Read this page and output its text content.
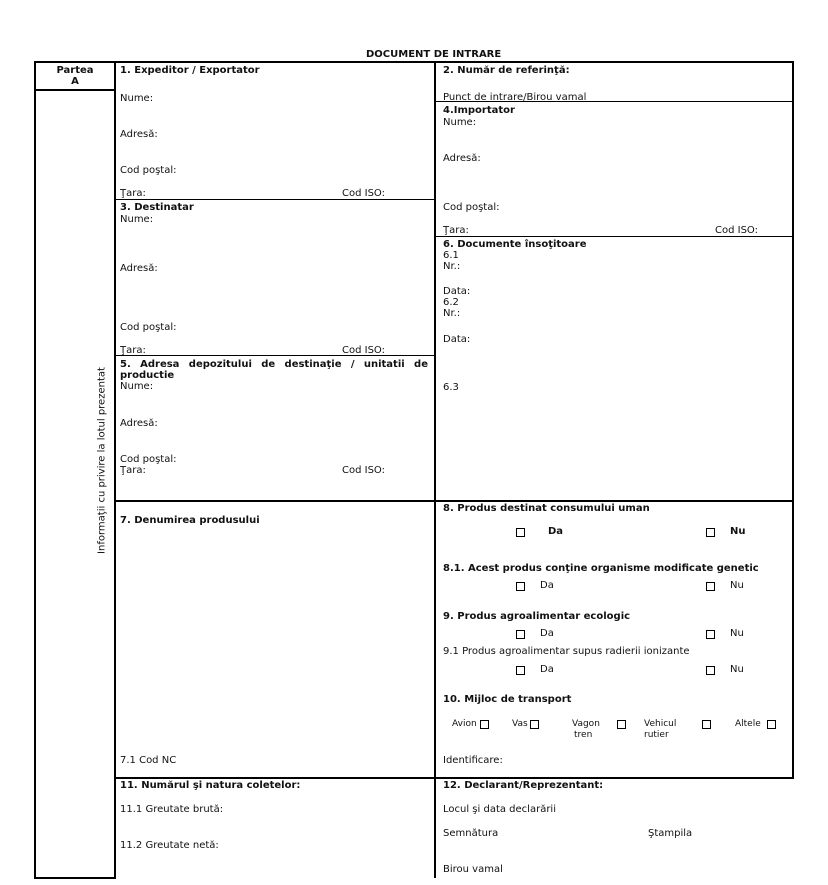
DOCUMENT DE INTRARE
Partea
A
Informaţii cu privire la lotul prezentat
1. Expeditor / Exportator
Nume:
Adresă:
Cod poştal:
Ţara:	Cod ISO:
2. Număr de referinţă:
Punct de intrare/Birou vamal
4.Importator
Nume:
Adresă:
Cod poştal:
Ţara:	Cod ISO:
3. Destinatar
Nume:
Adresă:
Cod poştal:
Ţara:	Cod ISO:
5. Adresa depozitului de destinaţie / unitatii de
productie
Nume:
Adresă:
Cod poştal:
Ţara:	Cod ISO:
6. Documente însoţitoare
6.1
Nr.:
Data:
6.2
Nr.:
Data:
6.3
7. Denumirea produsului
7.1 Cod NC
8. Produs destinat consumului uman
Da	Nu
8.1. Acest produs conţine organisme modificate genetic
Da	Nu
9. Produs agroalimentar ecologic
Da	Nu
9.1 Produs agroalimentar supus radierii ionizante
Da	Nu
10. Mijloc de transport
Avion	Vas	Vagon
tren
Vehicul
rutier
Altele
Identificare:
11. Numărul şi natura coletelor:
11.1 Greutate brută:
11.2 Greutate netă:
12. Declarant/Reprezentant:
Locul şi data declarării
Semnătura	Ştampila
Birou vamal
